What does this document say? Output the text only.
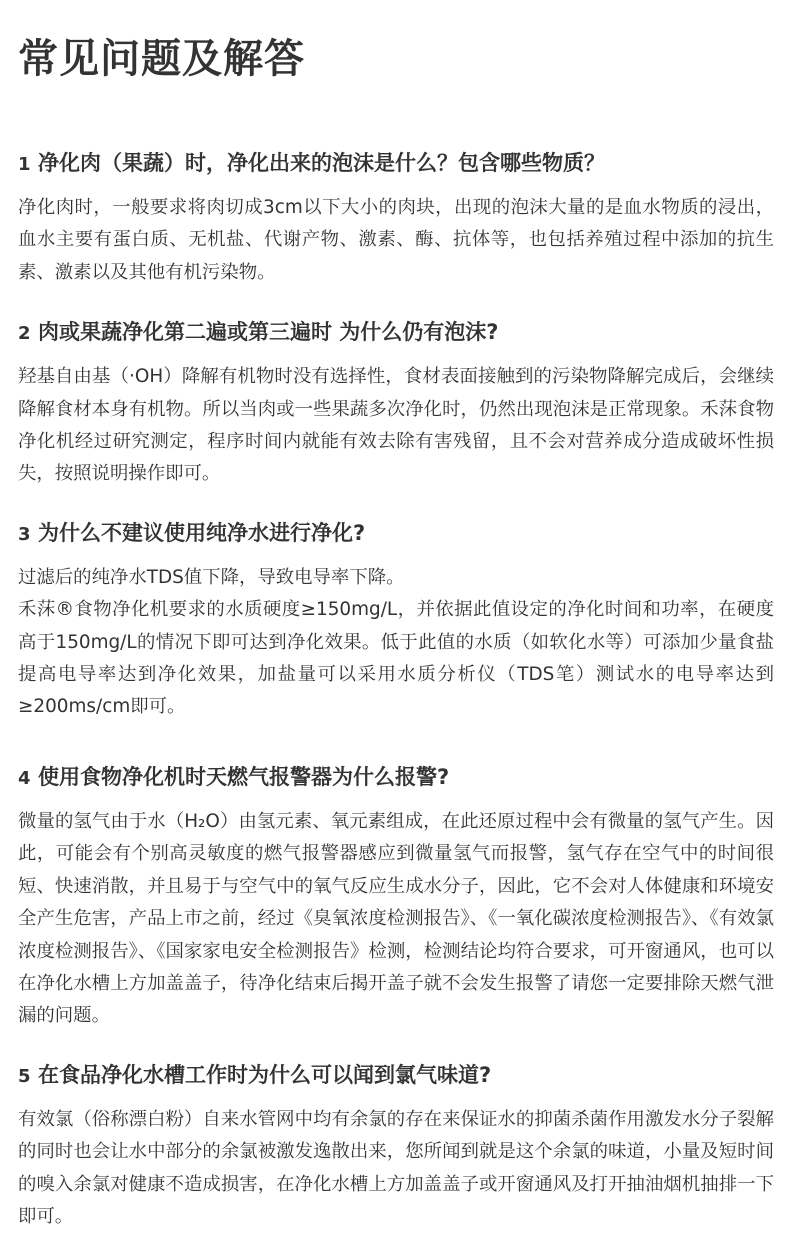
常见问题及解答
1 净化肉（果蔬）时，净化出来的泡沫是什么？包含哪些物质？

净化肉时，一般要求将肉切成3cm以下大小的肉块，出现的泡沫大量的是血水物质的浸出，血水主要有蛋白质、无机盐、代谢产物、激素、酶、抗体等，也包括养殖过程中添加的抗生素、激素以及其他有机污染物。

2 肉或果蔬净化第二遍或第三遍时 为什么仍有泡沫?

羟基自由基（·OH）降解有机物时没有选择性，食材表面接触到的污染物降解完成后，会继续降解食材本身有机物。所以当肉或一些果蔬多次净化时，仍然出现泡沫是正常现象。禾莯食物净化机经过研究测定，程序时间内就能有效去除有害残留，且不会对营养成分造成破坏性损失，按照说明操作即可。

3 为什么不建议使用纯净水进行净化?

过滤后的纯净水TDS值下降，导致电导率下降。

禾莯®食物净化机要求的水质硬度≥150mg/L，并依据此值设定的净化时间和功率，在硬度高于150mg/L的情况下即可达到净化效果。低于此值的水质（如软化水等）可添加少量食盐提高电导率达到净化效果，加盐量可以采用水质分析仪（TDS笔）测试水的电导率达到≥200ms/cm即可。

4 使用食物净化机时天燃气报警器为什么报警?

微量的氢气由于水（H₂O）由氢元素、氧元素组成，在此还原过程中会有微量的氢气产生。因此，可能会有个别高灵敏度的燃气报警器感应到微量氢气而报警，氢气存在空气中的时间很短、快速消散，并且易于与空气中的氧气反应生成水分子，因此，它不会对人体健康和环境安全产生危害，产品上市之前，经过《臭氧浓度检测报告》、《一氧化碳浓度检测报告》、《有效氯浓度检测报告》、《国家家电安全检测报告》检测，检测结论均符合要求，可开窗通风，也可以在净化水槽上方加盖盖子，待净化结束后揭开盖子就不会发生报警了请您一定要排除天燃气泄漏的问题。

5 在食品净化水槽工作时为什么可以闻到氯气味道?

有效氯（俗称漂白粉）自来水管网中均有余氯的存在来保证水的抑菌杀菌作用激发水分子裂解的同时也会让水中部分的余氯被激发逸散出来，您所闻到就是这个余氯的味道，小量及短时间的嗅入余氯对健康不造成损害，在净化水槽上方加盖盖子或开窗通风及打开抽油烟机抽排一下即可。
